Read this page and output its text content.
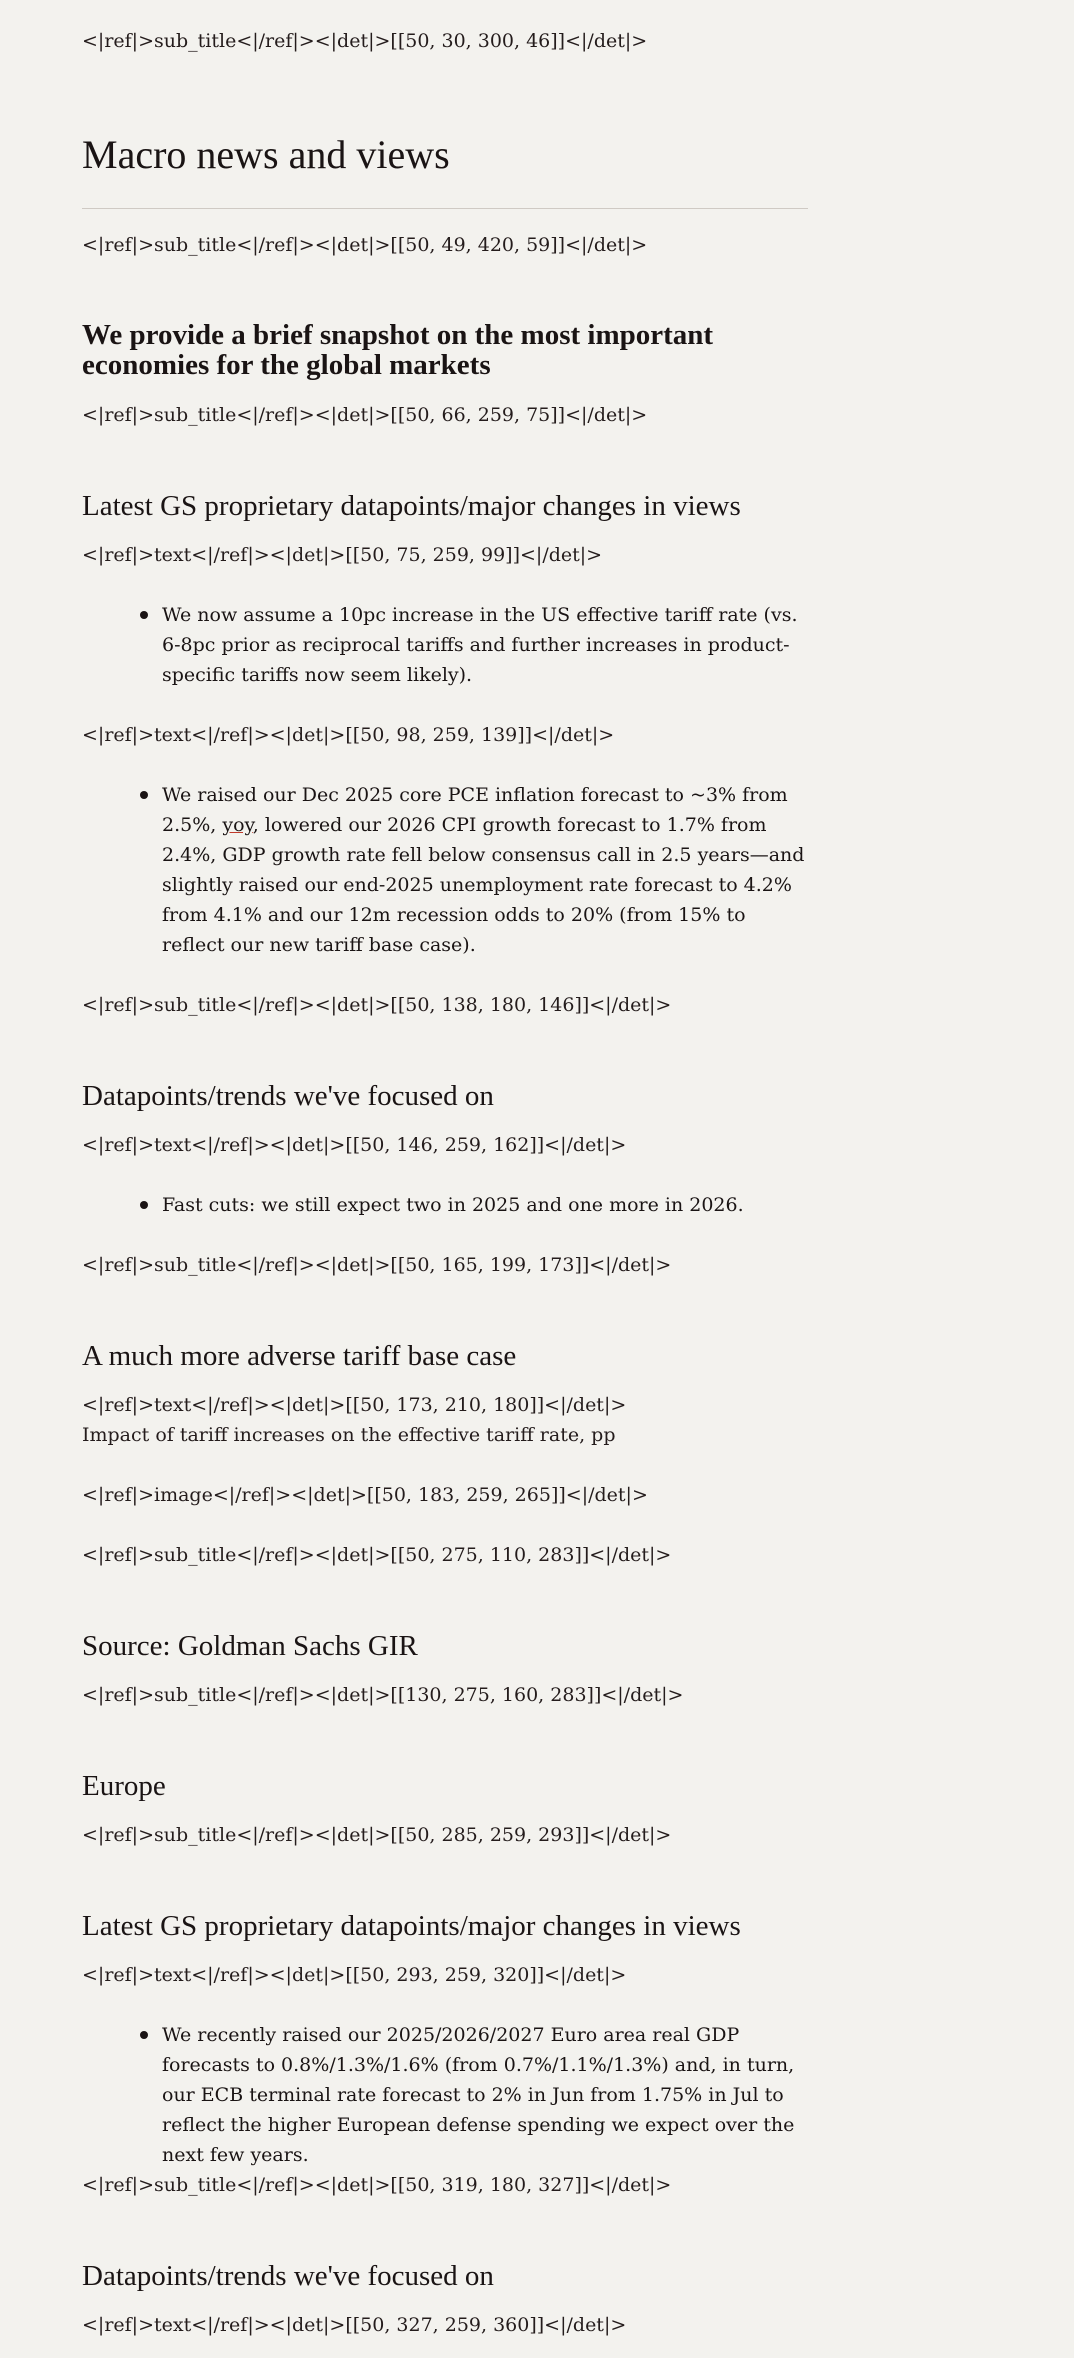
<|ref|>sub_title<|/ref|><|det|>[[50, 30, 300, 46]]<|/det|>

Macro news and views

<|ref|>sub_title<|/ref|><|det|>[[50, 49, 420, 59]]<|/det|>

We provide a brief snapshot on the most important economies for the global markets

<|ref|>sub_title<|/ref|><|det|>[[50, 66, 259, 75]]<|/det|>

Latest GS proprietary datapoints/major changes in views

<|ref|>text<|/ref|><|det|>[[50, 75, 259, 99]]<|/det|>

We now assume a 10pc increase in the US effective tariff rate (vs. 6-8pc prior as reciprocal tariffs and further increases in product-specific tariffs now seem likely).

<|ref|>text<|/ref|><|det|>[[50, 98, 259, 139]]<|/det|>

We raised our Dec 2025 core PCE inflation forecast to ~3% from 2.5%, yoy, lowered our 2026 CPI growth forecast to 1.7% from 2.4%, GDP growth rate fell below consensus call in 2.5 years—and slightly raised our end-2025 unemployment rate forecast to 4.2% from 4.1% and our 12m recession odds to 20% (from 15% to reflect our new tariff base case).

<|ref|>sub_title<|/ref|><|det|>[[50, 138, 180, 146]]<|/det|>

Datapoints/trends we've focused on

<|ref|>text<|/ref|><|det|>[[50, 146, 259, 162]]<|/det|>

Fast cuts: we still expect two in 2025 and one more in 2026.

<|ref|>sub_title<|/ref|><|det|>[[50, 165, 199, 173]]<|/det|>

A much more adverse tariff base case

<|ref|>text<|/ref|><|det|>[[50, 173, 210, 180]]<|/det|>

Impact of tariff increases on the effective tariff rate, pp

<|ref|>image<|/ref|><|det|>[[50, 183, 259, 265]]<|/det|>

<|ref|>sub_title<|/ref|><|det|>[[50, 275, 110, 283]]<|/det|>

Source: Goldman Sachs GIR

<|ref|>sub_title<|/ref|><|det|>[[130, 275, 160, 283]]<|/det|>

Europe

<|ref|>sub_title<|/ref|><|det|>[[50, 285, 259, 293]]<|/det|>

Latest GS proprietary datapoints/major changes in views

<|ref|>text<|/ref|><|det|>[[50, 293, 259, 320]]<|/det|>

We recently raised our 2025/2026/2027 Euro area real GDP forecasts to 0.8%/1.3%/1.6% (from 0.7%/1.1%/1.3%) and, in turn, our ECB terminal rate forecast to 2% in Jun from 1.75% in Jul to reflect the higher European defense spending we expect over the next few years.

<|ref|>sub_title<|/ref|><|det|>[[50, 319, 180, 327]]<|/det|>

Datapoints/trends we've focused on

<|ref|>text<|/ref|><|det|>[[50, 327, 259, 360]]<|/det|>
